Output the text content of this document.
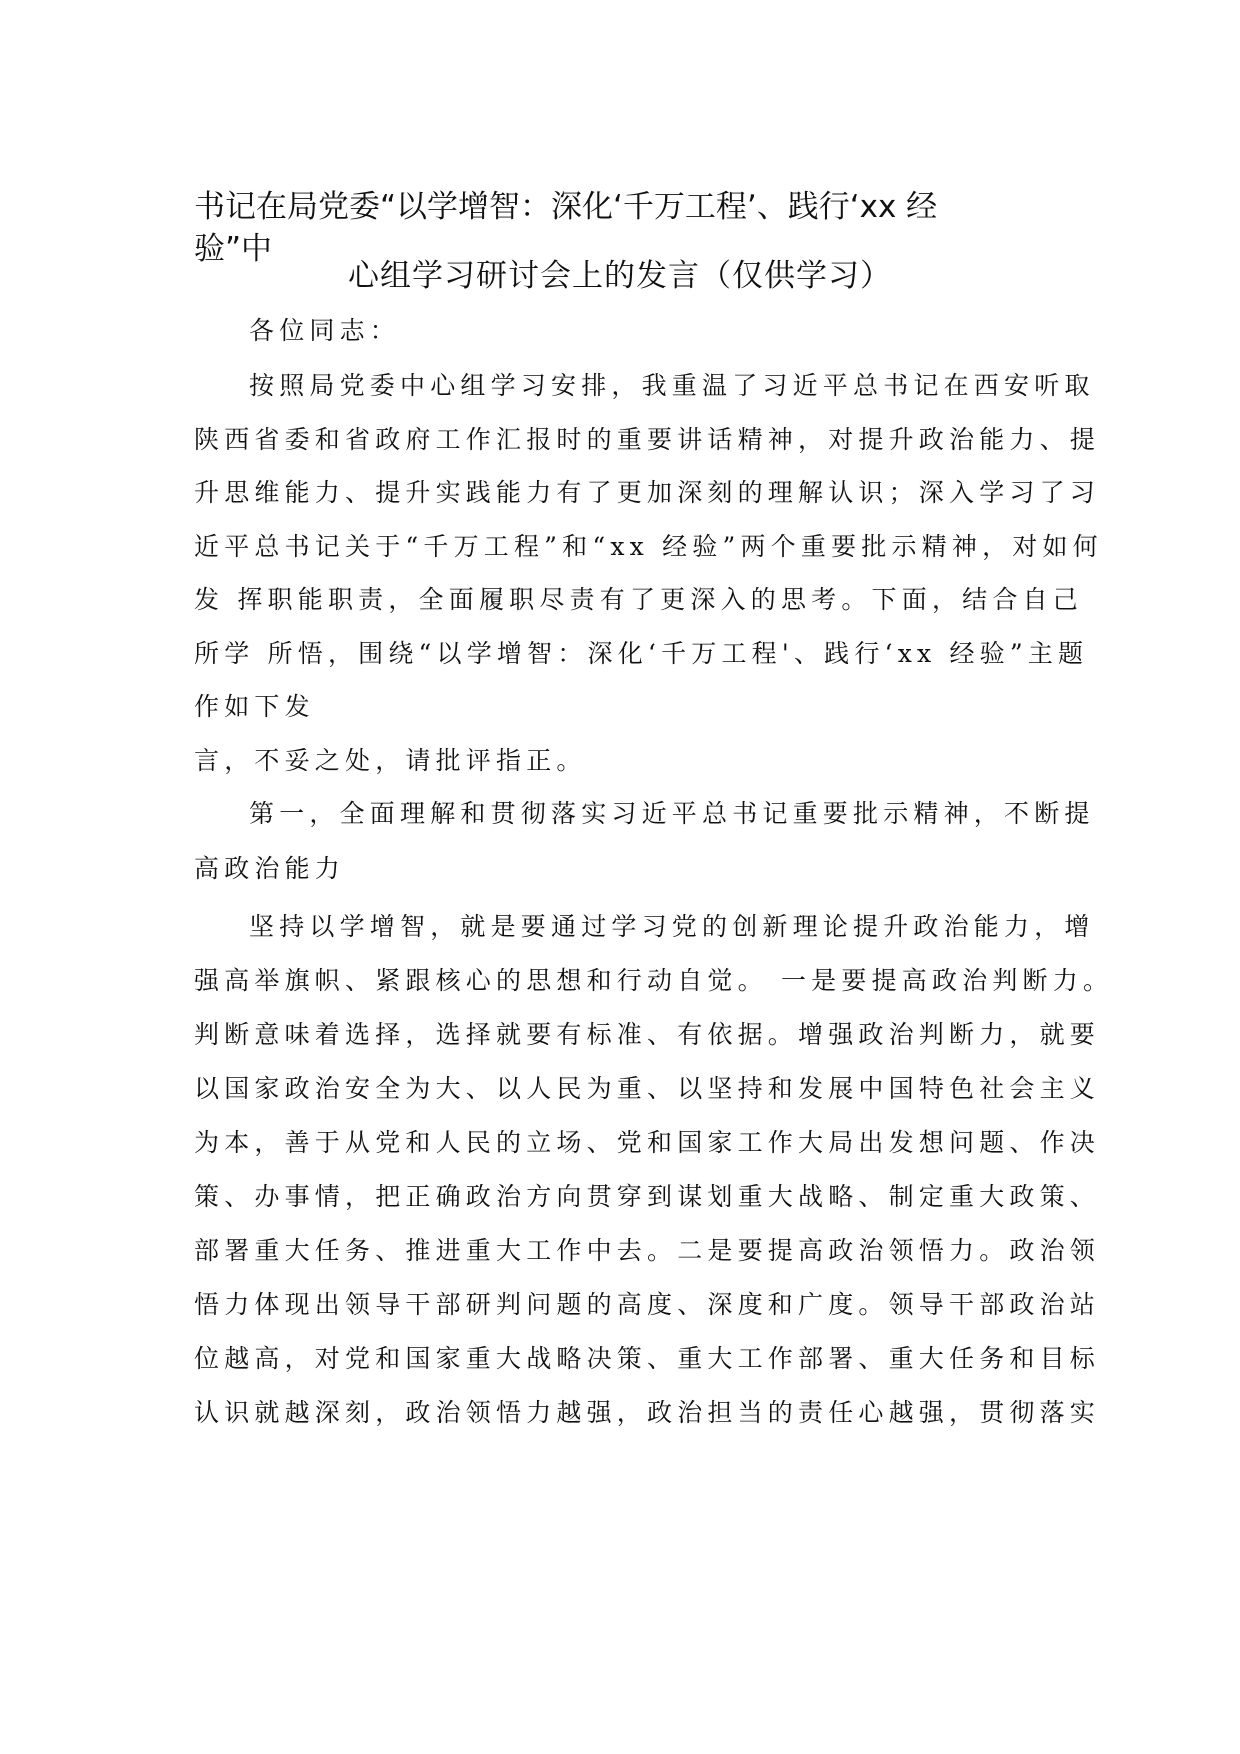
书记在局党委“以学增智：深化‘千万工程’、践行‘xx 经
验”中
心组学习研讨会上的发言（仅供学习）
各位同志：
按照局党委中心组学习安排，我重温了习近平总书记在西安听取
陕西省委和省政府工作汇报时的重要讲话精神，对提升政治能力、提
升思维能力、提升实践能力有了更加深刻的理解认识；深入学习了习
近平总书记关于“千万工程”和“xx 经验”两个重要批示精神，对如何
发 挥职能职责，全面履职尽责有了更深入的思考。下面，结合自己
所学 所悟，围绕“以学增智：深化‘千万工程'、践行‘xx 经验”主题
作如下发
言，不妥之处，请批评指正。
第一，全面理解和贯彻落实习近平总书记重要批示精神，不断提
高政治能力
坚持以学增智，就是要通过学习党的创新理论提升政治能力，增
强高举旗帜、紧跟核心的思想和行动自觉。 一是要提高政治判断力。
判断意味着选择，选择就要有标准、有依据。增强政治判断力，就要
以国家政治安全为大、以人民为重、以坚持和发展中国特色社会主义
为本，善于从党和人民的立场、党和国家工作大局出发想问题、作决
策、办事情，把正确政治方向贯穿到谋划重大战略、制定重大政策、
部署重大任务、推进重大工作中去。二是要提高政治领悟力。政治领
悟力体现出领导干部研判问题的高度、深度和广度。领导干部政治站
位越高，对党和国家重大战略决策、重大工作部署、重大任务和目标
认识就越深刻，政治领悟力越强，政治担当的责任心越强，贯彻落实
